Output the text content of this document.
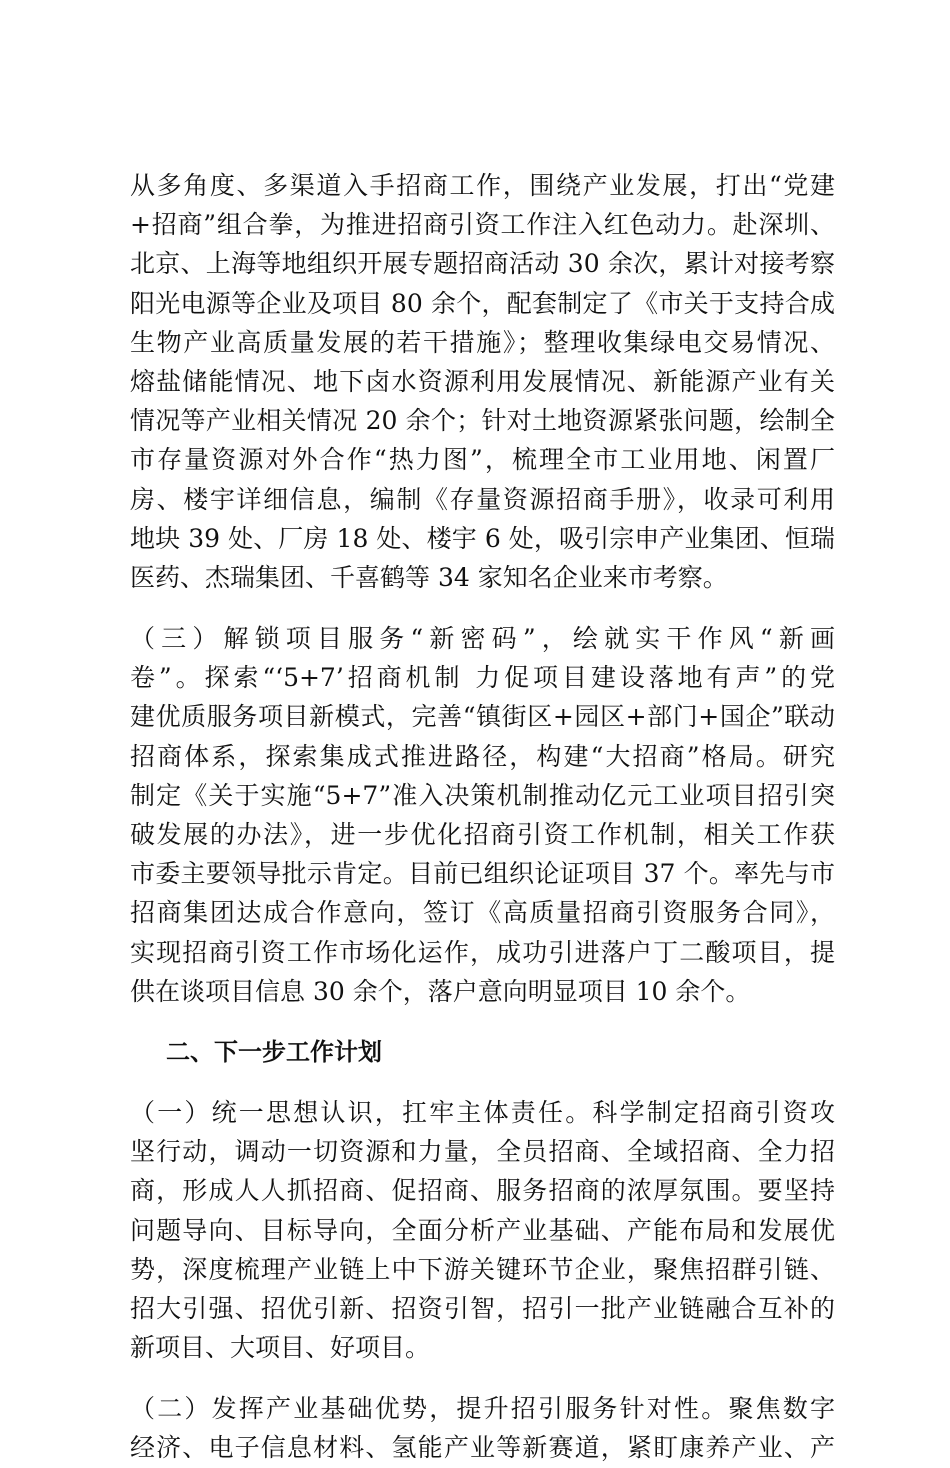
从多角度、多渠道入手招商工作，围绕产业发展，打出“党建
+招商”组合拳，为推进招商引资工作注入红色动力。赴深圳、
北京、上海等地组织开展专题招商活动 30 余次，累计对接考察
阳光电源等企业及项目 80 余个，配套制定了《市关于支持合成
生物产业高质量发展的若干措施》；整理收集绿电交易情况、
熔盐储能情况、地下卤水资源利用发展情况、新能源产业有关
情况等产业相关情况 20 余个；针对土地资源紧张问题，绘制全
市存量资源对外合作“热力图”，梳理全市工业用地、闲置厂
房、楼宇详细信息，编制《存量资源招商手册》，收录可利用
地块 39 处、厂房 18 处、楼宇 6 处，吸引宗申产业集团、恒瑞
医药、杰瑞集团、千喜鹤等 34 家知名企业来市考察。
（三）解锁项目服务“新密码”，绘就实干作风“新画
卷”。探索“‘5+7’招商机制 力促项目建设落地有声”的党
建优质服务项目新模式，完善“镇街区+园区+部门+国企”联动
招商体系，探索集成式推进路径，构建“大招商”格局。研究
制定《关于实施“5+7”准入决策机制推动亿元工业项目招引突
破发展的办法》，进一步优化招商引资工作机制，相关工作获
市委主要领导批示肯定。目前已组织论证项目 37 个。率先与市
招商集团达成合作意向，签订《高质量招商引资服务合同》，
实现招商引资工作市场化运作，成功引进落户丁二酸项目，提
供在谈项目信息 30 余个，落户意向明显项目 10 余个。
二、下一步工作计划
（一）统一思想认识，扛牢主体责任。科学制定招商引资攻
坚行动，调动一切资源和力量，全员招商、全域招商、全力招
商，形成人人抓招商、促招商、服务招商的浓厚氛围。要坚持
问题导向、目标导向，全面分析产业基础、产能布局和发展优
势，深度梳理产业链上中下游关键环节企业，聚焦招群引链、
招大引强、招优引新、招资引智，招引一批产业链融合互补的
新项目、大项目、好项目。
（二）发挥产业基础优势，提升招引服务针对性。聚焦数字
经济、电子信息材料、氢能产业等新赛道，紧盯康养产业、产
